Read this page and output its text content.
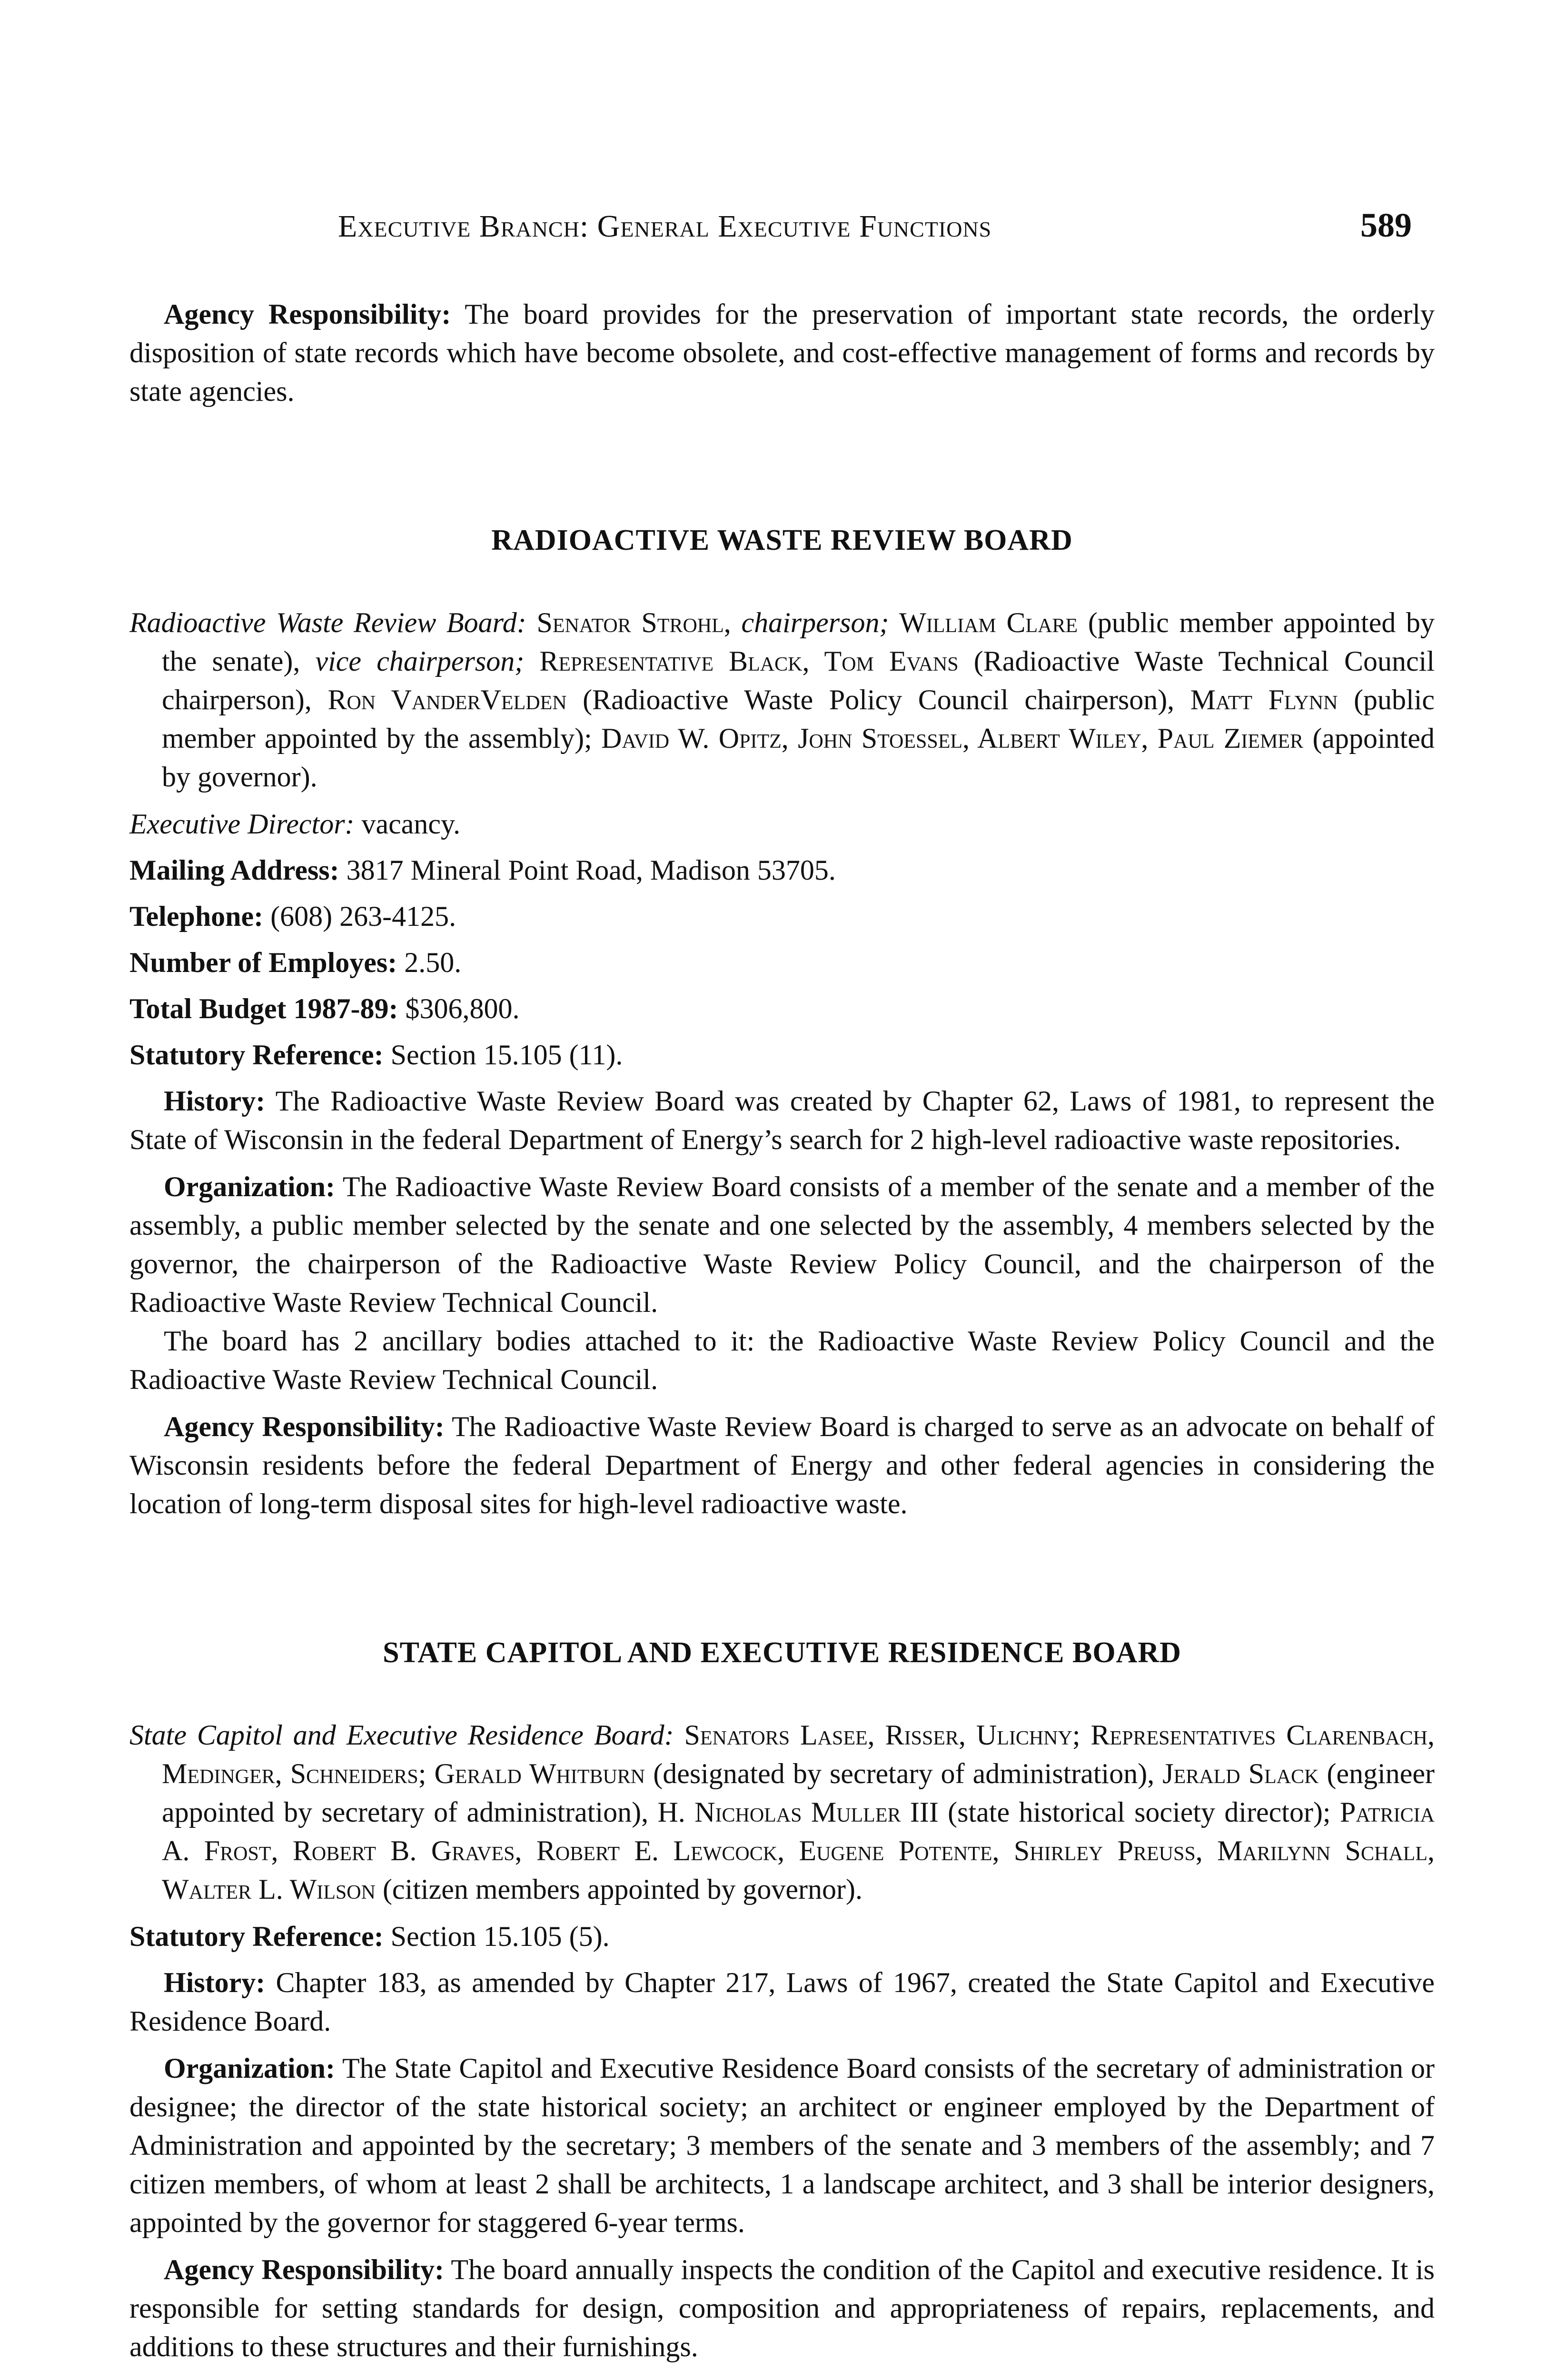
Executive Branch: General Executive Functions	589

Agency Responsibility: The board provides for the preservation of important state records, the orderly disposition of state records which have become obsolete, and cost-effective management of forms and records by state agencies.

RADIOACTIVE WASTE REVIEW BOARD

Radioactive Waste Review Board: Senator Strohl, chairperson; William Clare (public member appointed by the senate), vice chairperson; Representative Black, Tom Evans (Radioactive Waste Technical Council chairperson), Ron VanderVelden (Radioactive Waste Policy Council chairperson), Matt Flynn (public member appointed by the assembly); David W. Opitz, John Stoessel, Albert Wiley, Paul Ziemer (appointed by governor).

Executive Director: vacancy.

Mailing Address: 3817 Mineral Point Road, Madison 53705.

Telephone: (608) 263-4125.

Number of Employes: 2.50.

Total Budget 1987-89: $306,800.

Statutory Reference: Section 15.105 (11).

History: The Radioactive Waste Review Board was created by Chapter 62, Laws of 1981, to represent the State of Wisconsin in the federal Department of Energy’s search for 2 high-level radioactive waste repositories.

Organization: The Radioactive Waste Review Board consists of a member of the senate and a member of the assembly, a public member selected by the senate and one selected by the assembly, 4 members selected by the governor, the chairperson of the Radioactive Waste Review Policy Council, and the chairperson of the Radioactive Waste Review Technical Council.

The board has 2 ancillary bodies attached to it: the Radioactive Waste Review Policy Council and the Radioactive Waste Review Technical Council.

Agency Responsibility: The Radioactive Waste Review Board is charged to serve as an advocate on behalf of Wisconsin residents before the federal Department of Energy and other federal agencies in considering the location of long-term disposal sites for high-level radioactive waste.

STATE CAPITOL AND EXECUTIVE RESIDENCE BOARD

State Capitol and Executive Residence Board: Senators Lasee, Risser, Ulichny; Representatives Clarenbach, Medinger, Schneiders; Gerald Whitburn (designated by secretary of administration), Jerald Slack (engineer appointed by secretary of administration), H. Nicholas Muller III (state historical society director); Patricia A. Frost, Robert B. Graves, Robert E. Lewcock, Eugene Potente, Shirley Preuss, Marilynn Schall, Walter L. Wilson (citizen members appointed by governor).

Statutory Reference: Section 15.105 (5).

History: Chapter 183, as amended by Chapter 217, Laws of 1967, created the State Capitol and Executive Residence Board.

Organization: The State Capitol and Executive Residence Board consists of the secretary of administration or designee; the director of the state historical society; an architect or engineer employed by the Department of Administration and appointed by the secretary; 3 members of the senate and 3 members of the assembly; and 7 citizen members, of whom at least 2 shall be architects, 1 a landscape architect, and 3 shall be interior designers, appointed by the governor for staggered 6-year terms.

Agency Responsibility: The board annually inspects the condition of the Capitol and executive residence. It is responsible for setting standards for design, composition and appropriateness of repairs, replacements, and additions to these structures and their furnishings.
